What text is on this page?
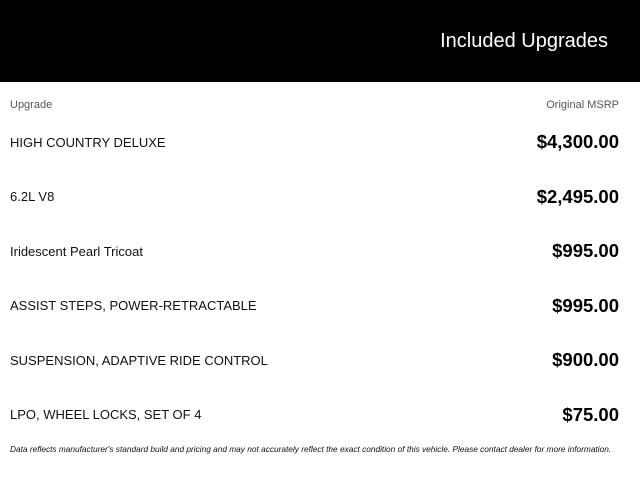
Included Upgrades
Upgrade	Original MSRP
HIGH COUNTRY DELUXE	$4,300.00
6.2L V8	$2,495.00
Iridescent Pearl Tricoat	$995.00
ASSIST STEPS, POWER-RETRACTABLE	$995.00
SUSPENSION, ADAPTIVE RIDE CONTROL	$900.00
LPO, WHEEL LOCKS, SET OF 4	$75.00
Data reflects manufacturer's standard build and pricing and may not accurately reflect the exact condition of this vehicle. Please contact dealer for more information.
